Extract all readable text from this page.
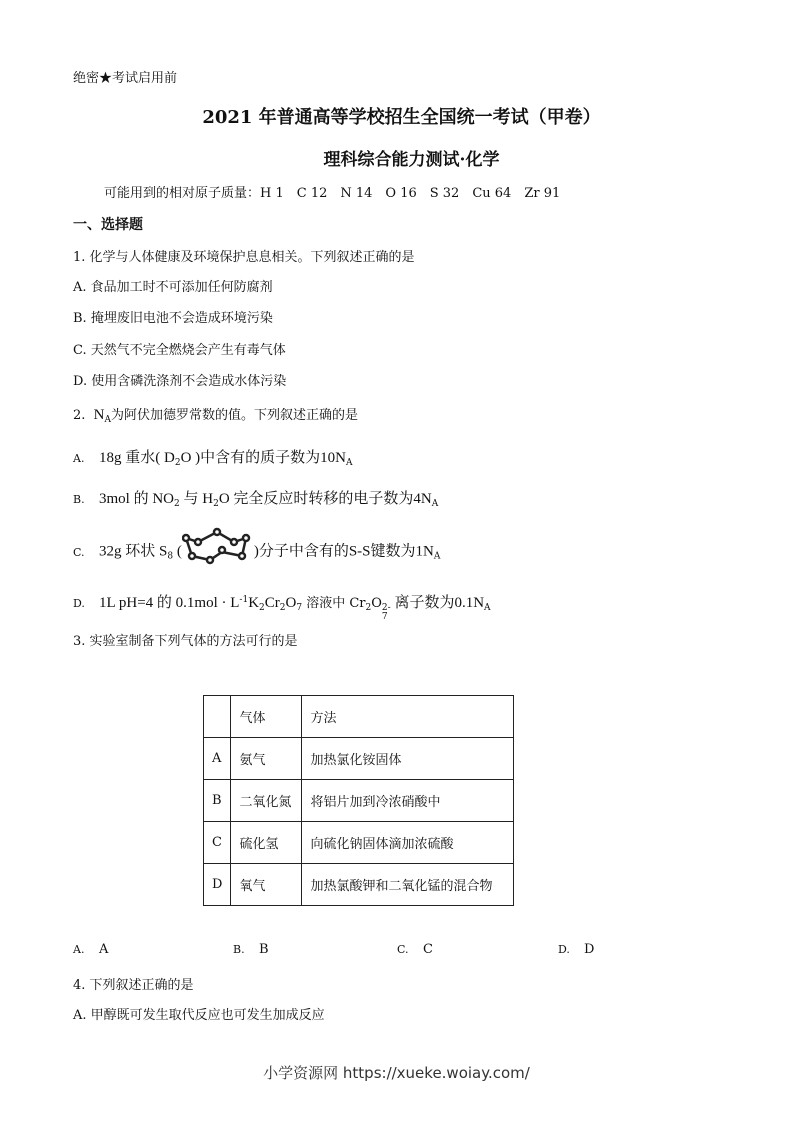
绝密★考试启用前
2021 年普通高等学校招生全国统一考试（甲卷）
理科综合能力测试·化学
可能用到的相对原子质量：H 1　C 12　N 14　O 16　S 32　Cu 64　Zr 91
一、选择题
1. 化学与人体健康及环境保护息息相关。下列叙述正确的是
A. 食品加工时不可添加任何防腐剂
B. 掩埋废旧电池不会造成环境污染
C. 天然气不完全燃烧会产生有毒气体
D. 使用含磷洗涤剂不会造成水体污染
2. $N_A$为阿伏加德罗常数的值。下列叙述正确的是
A. 18g 重水( $D_2O$ )中含有的质子数为$10N_A$
B. 3mol 的 $NO_2$ 与 $H_2O$ 完全反应时转移的电子数为$4N_A$
C. 32g 环状 $S_8$ (	)分子中含有的S-S键数为$1N_A$
D. 1L pH=4 的 $0.1mol \cdot L^{-1}K_2Cr_2O_7$ 溶液中 $Cr_2O$ 2-
7
离子数为$0.1N_A$
3. 实验室制备下列气体的方法可行的是
	气体	方法
A	氨气	加热氯化铵固体
B	二氧化氮	将铝片加到冷浓硝酸中
C	硫化氢	向硫化钠固体滴加浓硫酸
D	氧气	加热氯酸钾和二氧化锰的混合物
A. A	B. B	C. C	D. D
4. 下列叙述正确的是
A. 甲醇既可发生取代反应也可发生加成反应
小学资源网 https://xueke.woiay.com/
